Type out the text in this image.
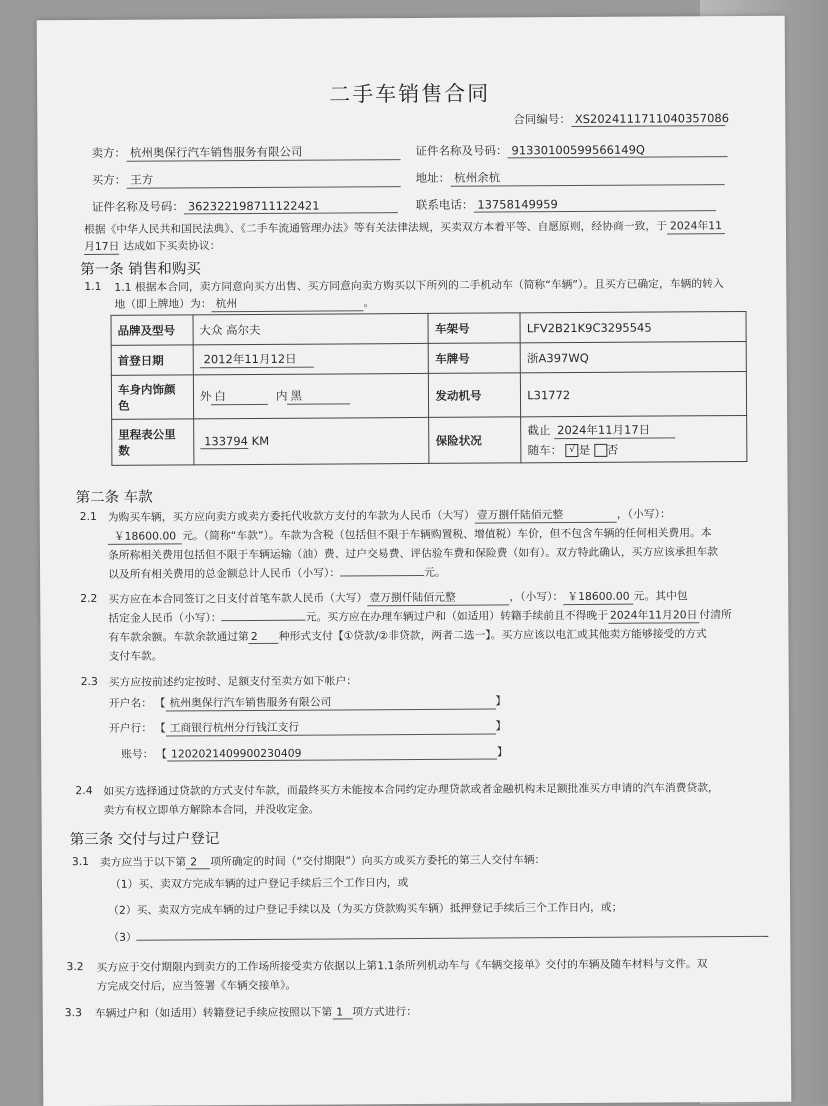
二手车销售合同
合同编号： XS20241117110403570​86
卖方： 杭州奥保行汽车销售服务有限公司	证件名称及号码： 91330100599566149Q
买方： 王方	地址： 杭州余杭
证件名称及号码： 362322198711122421	联系电话： 13758149959
根据《中华人民共和国民法典》、《二手车流通管理办法》等有关法律法规，买卖双方本着平等、自愿原则，经协商一致，于 2024年11
月17日 达成如下买卖协议：
第一条 销售和购买
1.1 1.1 根据本合同，卖方同意向买方出售、买方同意向卖方购买以下所列的二手机动车（简称“车辆”）。且买方已确定，车辆的转入
地（即上牌地）为： 杭州	。
品牌及型号	大众 高尔夫	车架号	LFV2B21K9C3295545
首登日期	2012年11月12日	车牌号	浙A397WQ
车身内饰颜色	外 白 内 黑	发动机号	L31772
里程表公里数	133794 KM	保险状况	截止 2024年11月17日
随车： √ 是 否
第二条 车款
2.1 为购买车辆，买方应向卖方或卖方委托代收款方支付的车款为人民币（大写） 壹万捌仟陆佰元整	，（小写）：
￥18600.00 元。（简称“车款”）。车款为含税（包括但不限于车辆购置税、增值税）车价，但不包含车辆的任何相关费用。本
条所称相关费用包括但不限于车辆运输（油）费、过户交易费、评估验车费和保险费（如有）。双方特此确认，买方应该承担车款
以及所有相关费用的总金额总计人民币（小写）：	元。
2.2 买方应在本合同签订之日支付首笔车款人民币（大写） 壹万捌仟陆佰元整	，（小写）： ￥18600.00 元。其中包
括定金人民币（小写）：	元。买方应在办理车辆过户和（如适用）转籍手续前且不得晚于 2024年11月20日 付清所
有车款余额。车款余款通过第 2 种形式支付【①贷款/②非贷款，两者二选一】。买方应该以电汇或其他卖方能够接受的方式
支付车款。
2.3 买方应按前述约定按时、足额支付至卖方如下帐户：
开户名： 【 杭州奥保行汽车销售服务有限公司	】
开户行： 【 工商银行杭州分行钱江支行	】
账号： 【 1202021409900230409	】
2.4 如买方选择通过贷款的方式支付车款，而最终买方未能按本合同约定办理贷款或者金融机构未足额批准买方申请的汽车消费贷款，
卖方有权立即单方解除本合同，并没收定金。
第三条 交付与过户登记
3.1 卖方应当于以下第 2 项所确定的时间（“交付期限”）向买方或买方委托的第三人交付车辆：
（1）买、卖双方完成车辆的过户登记手续后三个工作日内，或
（2）买、卖双方完成车辆的过户登记手续以及（为买方贷款购买车辆）抵押登记手续后三个工作日内，或；
（3）
3.2 买方应于交付期限内到卖方的工作场所接受卖方依据以上第1.1条所列机动车与《车辆交接单》交付的车辆及随车材料与文件。双
方完成交付后，应当签署《车辆交接单》。
3.3 车辆过户和（如适用）转籍登记手续应按照以下第 1 项方式进行：
